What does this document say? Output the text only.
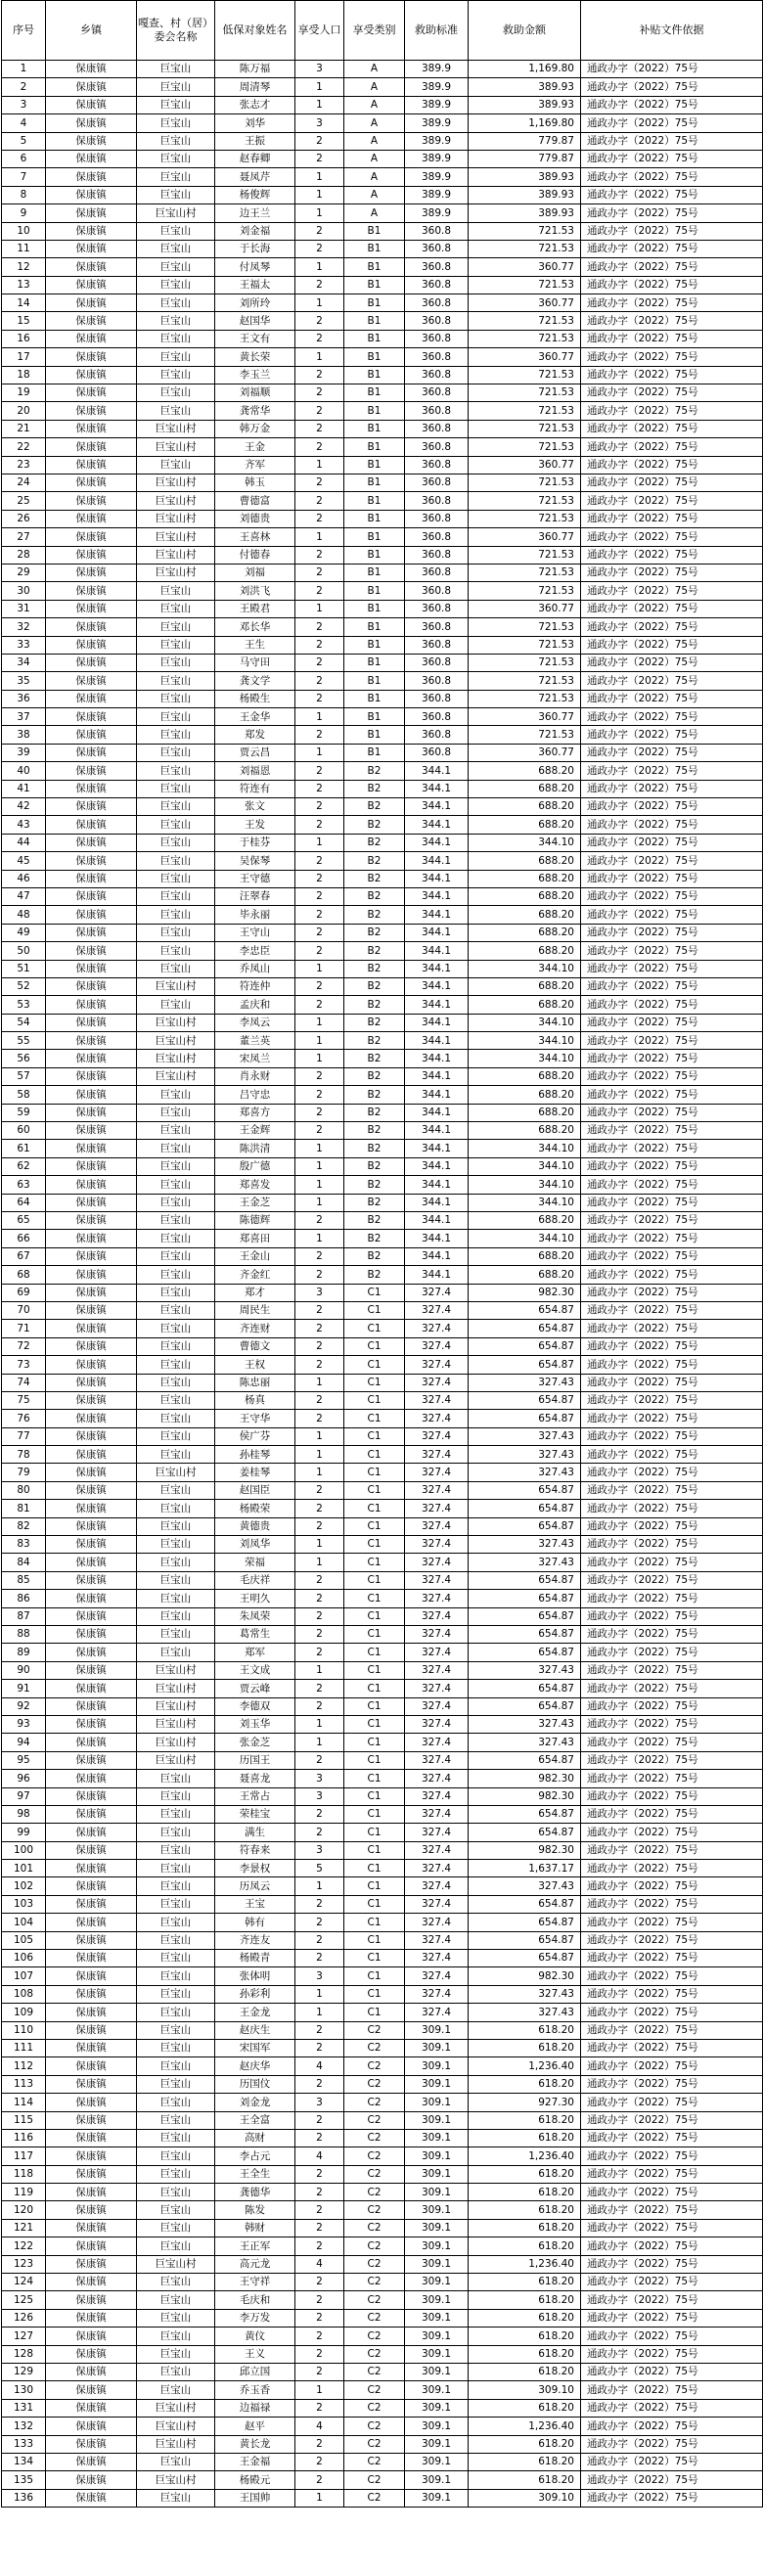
序号	乡镇	嘎查、村（居）委会名称	低保对象姓名	享受人口	享受类别	救助标准	救助金额	补贴文件依据
1	保康镇	巨宝山	陈万福	3	A	389.9	1,169.80	通政办字（2022）75号
2	保康镇	巨宝山	周清琴	1	A	389.9	389.93	通政办字（2022）75号
3	保康镇	巨宝山	张志才	1	A	389.9	389.93	通政办字（2022）75号
4	保康镇	巨宝山	刘华	3	A	389.9	1,169.80	通政办字（2022）75号
5	保康镇	巨宝山	王振	2	A	389.9	779.87	通政办字（2022）75号
6	保康镇	巨宝山	赵春卿	2	A	389.9	779.87	通政办字（2022）75号
7	保康镇	巨宝山	聂凤芹	1	A	389.9	389.93	通政办字（2022）75号
8	保康镇	巨宝山	杨俊辉	1	A	389.9	389.93	通政办字（2022）75号
9	保康镇	巨宝山村	边王兰	1	A	389.9	389.93	通政办字（2022）75号
10	保康镇	巨宝山	刘金福	2	B1	360.8	721.53	通政办字（2022）75号
11	保康镇	巨宝山	于长海	2	B1	360.8	721.53	通政办字（2022）75号
12	保康镇	巨宝山	付凤琴	1	B1	360.8	360.77	通政办字（2022）75号
13	保康镇	巨宝山	王福太	2	B1	360.8	721.53	通政办字（2022）75号
14	保康镇	巨宝山	刘所玲	1	B1	360.8	360.77	通政办字（2022）75号
15	保康镇	巨宝山	赵国华	2	B1	360.8	721.53	通政办字（2022）75号
16	保康镇	巨宝山	王文有	2	B1	360.8	721.53	通政办字（2022）75号
17	保康镇	巨宝山	黄长荣	1	B1	360.8	360.77	通政办字（2022）75号
18	保康镇	巨宝山	李玉兰	2	B1	360.8	721.53	通政办字（2022）75号
19	保康镇	巨宝山	刘福顺	2	B1	360.8	721.53	通政办字（2022）75号
20	保康镇	巨宝山	龚常华	2	B1	360.8	721.53	通政办字（2022）75号
21	保康镇	巨宝山村	韩万金	2	B1	360.8	721.53	通政办字（2022）75号
22	保康镇	巨宝山村	王金	2	B1	360.8	721.53	通政办字（2022）75号
23	保康镇	巨宝山	齐军	1	B1	360.8	360.77	通政办字（2022）75号
24	保康镇	巨宝山村	韩玉	2	B1	360.8	721.53	通政办字（2022）75号
25	保康镇	巨宝山村	曹德富	2	B1	360.8	721.53	通政办字（2022）75号
26	保康镇	巨宝山村	刘德贵	2	B1	360.8	721.53	通政办字（2022）75号
27	保康镇	巨宝山村	王喜林	1	B1	360.8	360.77	通政办字（2022）75号
28	保康镇	巨宝山村	付德春	2	B1	360.8	721.53	通政办字（2022）75号
29	保康镇	巨宝山村	刘福	2	B1	360.8	721.53	通政办字（2022）75号
30	保康镇	巨宝山	刘洪飞	2	B1	360.8	721.53	通政办字（2022）75号
31	保康镇	巨宝山	王殿君	1	B1	360.8	360.77	通政办字（2022）75号
32	保康镇	巨宝山	邓长华	2	B1	360.8	721.53	通政办字（2022）75号
33	保康镇	巨宝山	王生	2	B1	360.8	721.53	通政办字（2022）75号
34	保康镇	巨宝山	马守田	2	B1	360.8	721.53	通政办字（2022）75号
35	保康镇	巨宝山	龚文学	2	B1	360.8	721.53	通政办字（2022）75号
36	保康镇	巨宝山	杨殿生	2	B1	360.8	721.53	通政办字（2022）75号
37	保康镇	巨宝山	王金华	1	B1	360.8	360.77	通政办字（2022）75号
38	保康镇	巨宝山	郑发	2	B1	360.8	721.53	通政办字（2022）75号
39	保康镇	巨宝山	贾云昌	1	B1	360.8	360.77	通政办字（2022）75号
40	保康镇	巨宝山	刘福恩	2	B2	344.1	688.20	通政办字（2022）75号
41	保康镇	巨宝山	符连有	2	B2	344.1	688.20	通政办字（2022）75号
42	保康镇	巨宝山	张文	2	B2	344.1	688.20	通政办字（2022）75号
43	保康镇	巨宝山	王发	2	B2	344.1	688.20	通政办字（2022）75号
44	保康镇	巨宝山	于桂芬	1	B2	344.1	344.10	通政办字（2022）75号
45	保康镇	巨宝山	吴保琴	2	B2	344.1	688.20	通政办字（2022）75号
46	保康镇	巨宝山	王守德	2	B2	344.1	688.20	通政办字（2022）75号
47	保康镇	巨宝山	汪翠春	2	B2	344.1	688.20	通政办字（2022）75号
48	保康镇	巨宝山	毕永丽	2	B2	344.1	688.20	通政办字（2022）75号
49	保康镇	巨宝山	王守山	2	B2	344.1	688.20	通政办字（2022）75号
50	保康镇	巨宝山	李忠臣	2	B2	344.1	688.20	通政办字（2022）75号
51	保康镇	巨宝山	乔凤山	1	B2	344.1	344.10	通政办字（2022）75号
52	保康镇	巨宝山村	符连仲	2	B2	344.1	688.20	通政办字（2022）75号
53	保康镇	巨宝山	孟庆和	2	B2	344.1	688.20	通政办字（2022）75号
54	保康镇	巨宝山村	李凤云	1	B2	344.1	344.10	通政办字（2022）75号
55	保康镇	巨宝山村	董兰英	1	B2	344.1	344.10	通政办字（2022）75号
56	保康镇	巨宝山村	宋凤兰	1	B2	344.1	344.10	通政办字（2022）75号
57	保康镇	巨宝山村	肖永财	2	B2	344.1	688.20	通政办字（2022）75号
58	保康镇	巨宝山	吕守忠	2	B2	344.1	688.20	通政办字（2022）75号
59	保康镇	巨宝山	郑喜方	2	B2	344.1	688.20	通政办字（2022）75号
60	保康镇	巨宝山	王金辉	2	B2	344.1	688.20	通政办字（2022）75号
61	保康镇	巨宝山	陈洪清	1	B2	344.1	344.10	通政办字（2022）75号
62	保康镇	巨宝山	殷广德	1	B2	344.1	344.10	通政办字（2022）75号
63	保康镇	巨宝山	郑喜发	1	B2	344.1	344.10	通政办字（2022）75号
64	保康镇	巨宝山	王金芝	1	B2	344.1	344.10	通政办字（2022）75号
65	保康镇	巨宝山	陈德辉	2	B2	344.1	688.20	通政办字（2022）75号
66	保康镇	巨宝山	郑喜田	1	B2	344.1	344.10	通政办字（2022）75号
67	保康镇	巨宝山	王金山	2	B2	344.1	688.20	通政办字（2022）75号
68	保康镇	巨宝山	齐金红	2	B2	344.1	688.20	通政办字（2022）75号
69	保康镇	巨宝山	郑才	3	C1	327.4	982.30	通政办字（2022）75号
70	保康镇	巨宝山	周民生	2	C1	327.4	654.87	通政办字（2022）75号
71	保康镇	巨宝山	齐连财	2	C1	327.4	654.87	通政办字（2022）75号
72	保康镇	巨宝山	曹德文	2	C1	327.4	654.87	通政办字（2022）75号
73	保康镇	巨宝山	王权	2	C1	327.4	654.87	通政办字（2022）75号
74	保康镇	巨宝山	陈忠丽	1	C1	327.4	327.43	通政办字（2022）75号
75	保康镇	巨宝山	杨真	2	C1	327.4	654.87	通政办字（2022）75号
76	保康镇	巨宝山	王守华	2	C1	327.4	654.87	通政办字（2022）75号
77	保康镇	巨宝山	侯广芬	1	C1	327.4	327.43	通政办字（2022）75号
78	保康镇	巨宝山	孙桂琴	1	C1	327.4	327.43	通政办字（2022）75号
79	保康镇	巨宝山村	姜桂琴	1	C1	327.4	327.43	通政办字（2022）75号
80	保康镇	巨宝山	赵国臣	2	C1	327.4	654.87	通政办字（2022）75号
81	保康镇	巨宝山	杨殿荣	2	C1	327.4	654.87	通政办字（2022）75号
82	保康镇	巨宝山	黄德贵	2	C1	327.4	654.87	通政办字（2022）75号
83	保康镇	巨宝山	刘凤华	1	C1	327.4	327.43	通政办字（2022）75号
84	保康镇	巨宝山	荣福	1	C1	327.4	327.43	通政办字（2022）75号
85	保康镇	巨宝山	毛庆祥	2	C1	327.4	654.87	通政办字（2022）75号
86	保康镇	巨宝山	王明久	2	C1	327.4	654.87	通政办字（2022）75号
87	保康镇	巨宝山	朱凤荣	2	C1	327.4	654.87	通政办字（2022）75号
88	保康镇	巨宝山	葛常生	2	C1	327.4	654.87	通政办字（2022）75号
89	保康镇	巨宝山	郑军	2	C1	327.4	654.87	通政办字（2022）75号
90	保康镇	巨宝山村	王文成	1	C1	327.4	327.43	通政办字（2022）75号
91	保康镇	巨宝山村	贾云峰	2	C1	327.4	654.87	通政办字（2022）75号
92	保康镇	巨宝山村	李德双	2	C1	327.4	654.87	通政办字（2022）75号
93	保康镇	巨宝山村	刘玉华	1	C1	327.4	327.43	通政办字（2022）75号
94	保康镇	巨宝山村	张金芝	1	C1	327.4	327.43	通政办字（2022）75号
95	保康镇	巨宝山村	历国王	2	C1	327.4	654.87	通政办字（2022）75号
96	保康镇	巨宝山	聂喜龙	3	C1	327.4	982.30	通政办字（2022）75号
97	保康镇	巨宝山	王常占	3	C1	327.4	982.30	通政办字（2022）75号
98	保康镇	巨宝山	荣桂宝	2	C1	327.4	654.87	通政办字（2022）75号
99	保康镇	巨宝山	满生	2	C1	327.4	654.87	通政办字（2022）75号
100	保康镇	巨宝山	符春来	3	C1	327.4	982.30	通政办字（2022）75号
101	保康镇	巨宝山	李景权	5	C1	327.4	1,637.17	通政办字（2022）75号
102	保康镇	巨宝山	历凤云	1	C1	327.4	327.43	通政办字（2022）75号
103	保康镇	巨宝山	王宝	2	C1	327.4	654.87	通政办字（2022）75号
104	保康镇	巨宝山	韩有	2	C1	327.4	654.87	通政办字（2022）75号
105	保康镇	巨宝山	齐连友	2	C1	327.4	654.87	通政办字（2022）75号
106	保康镇	巨宝山	杨殿青	2	C1	327.4	654.87	通政办字（2022）75号
107	保康镇	巨宝山	张体明	3	C1	327.4	982.30	通政办字（2022）75号
108	保康镇	巨宝山	孙彩利	1	C1	327.4	327.43	通政办字（2022）75号
109	保康镇	巨宝山	王金龙	1	C1	327.4	327.43	通政办字（2022）75号
110	保康镇	巨宝山	赵庆生	2	C2	309.1	618.20	通政办字（2022）75号
111	保康镇	巨宝山	宋国军	2	C2	309.1	618.20	通政办字（2022）75号
112	保康镇	巨宝山	赵庆华	4	C2	309.1	1,236.40	通政办字（2022）75号
113	保康镇	巨宝山	历国伩	2	C2	309.1	618.20	通政办字（2022）75号
114	保康镇	巨宝山	刘金龙	3	C2	309.1	927.30	通政办字（2022）75号
115	保康镇	巨宝山	王全富	2	C2	309.1	618.20	通政办字（2022）75号
116	保康镇	巨宝山	高财	2	C2	309.1	618.20	通政办字（2022）75号
117	保康镇	巨宝山	李占元	4	C2	309.1	1,236.40	通政办字（2022）75号
118	保康镇	巨宝山	王全生	2	C2	309.1	618.20	通政办字（2022）75号
119	保康镇	巨宝山	龚德华	2	C2	309.1	618.20	通政办字（2022）75号
120	保康镇	巨宝山	陈发	2	C2	309.1	618.20	通政办字（2022）75号
121	保康镇	巨宝山	韩财	2	C2	309.1	618.20	通政办字（2022）75号
122	保康镇	巨宝山	王正军	2	C2	309.1	618.20	通政办字（2022）75号
123	保康镇	巨宝山村	高元龙	4	C2	309.1	1,236.40	通政办字（2022）75号
124	保康镇	巨宝山	王守祥	2	C2	309.1	618.20	通政办字（2022）75号
125	保康镇	巨宝山	毛庆和	2	C2	309.1	618.20	通政办字（2022）75号
126	保康镇	巨宝山	李万发	2	C2	309.1	618.20	通政办字（2022）75号
127	保康镇	巨宝山	黄伩	2	C2	309.1	618.20	通政办字（2022）75号
128	保康镇	巨宝山	王义	2	C2	309.1	618.20	通政办字（2022）75号
129	保康镇	巨宝山	邱立国	2	C2	309.1	618.20	通政办字（2022）75号
130	保康镇	巨宝山	乔玉香	1	C2	309.1	309.10	通政办字（2022）75号
131	保康镇	巨宝山村	边福禄	2	C2	309.1	618.20	通政办字（2022）75号
132	保康镇	巨宝山村	赵平	4	C2	309.1	1,236.40	通政办字（2022）75号
133	保康镇	巨宝山村	黄长龙	2	C2	309.1	618.20	通政办字（2022）75号
134	保康镇	巨宝山	王金福	2	C2	309.1	618.20	通政办字（2022）75号
135	保康镇	巨宝山村	杨殿元	2	C2	309.1	618.20	通政办字（2022）75号
136	保康镇	巨宝山	王国帅	1	C2	309.1	309.10	通政办字（2022）75号
